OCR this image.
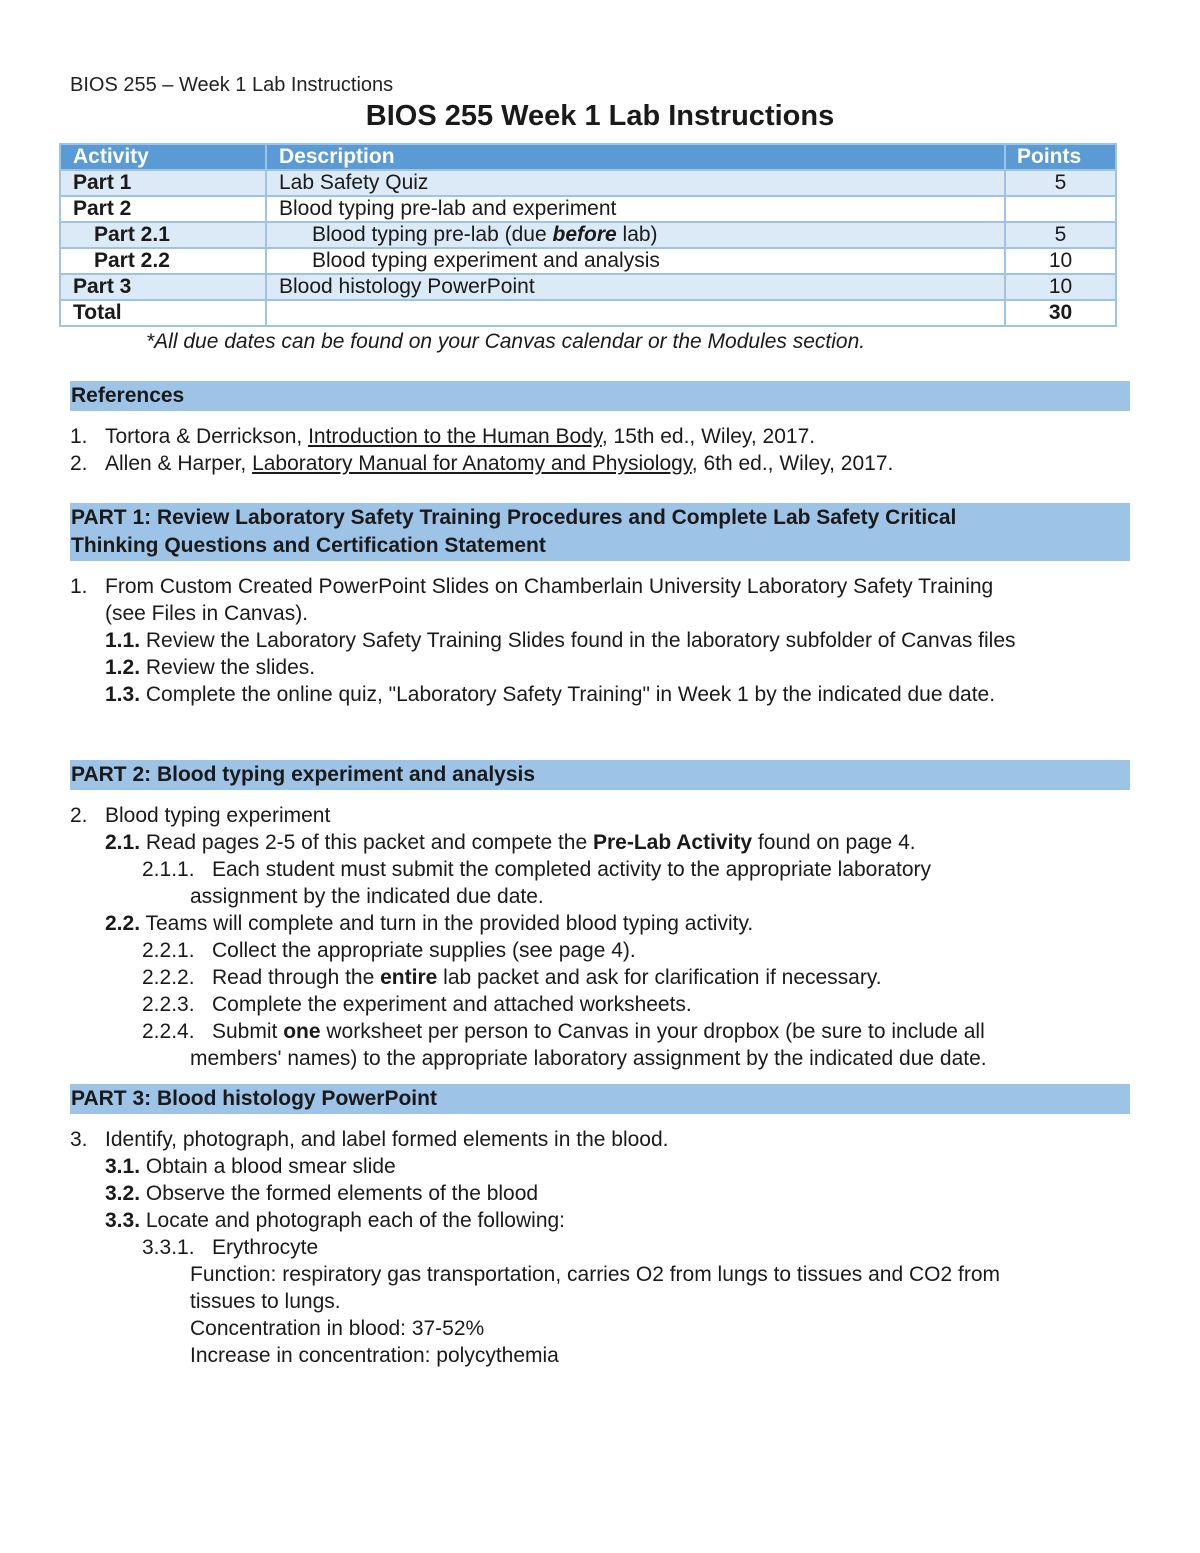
BIOS 255 – Week 1 Lab Instructions
BIOS 255 Week 1 Lab Instructions
Activity	Description	Points
Part 1	Lab Safety Quiz	5
Part 2	Blood typing pre-lab and experiment	
Part 2.1	Blood typing pre-lab (due before lab)	5
Part 2.2	Blood typing experiment and analysis	10
Part 3	Blood histology PowerPoint	10
Total		30
*All due dates can be found on your Canvas calendar or the Modules section.
References
1. Tortora & Derrickson, Introduction to the Human Body, 15th ed., Wiley, 2017.
2. Allen & Harper, Laboratory Manual for Anatomy and Physiology, 6th ed., Wiley, 2017.
PART 1: Review Laboratory Safety Training Procedures and Complete Lab Safety Critical
Thinking Questions and Certification Statement
1. From Custom Created PowerPoint Slides on Chamberlain University Laboratory Safety Training
(see Files in Canvas).
1.1. Review the Laboratory Safety Training Slides found in the laboratory subfolder of Canvas files
1.2. Review the slides.
1.3. Complete the online quiz, "Laboratory Safety Training" in Week 1 by the indicated due date.
PART 2: Blood typing experiment and analysis
2. Blood typing experiment
2.1. Read pages 2-5 of this packet and compete the Pre-Lab Activity found on page 4.
2.1.1. Each student must submit the completed activity to the appropriate laboratory
assignment by the indicated due date.
2.2. Teams will complete and turn in the provided blood typing activity.
2.2.1. Collect the appropriate supplies (see page 4).
2.2.2. Read through the entire lab packet and ask for clarification if necessary.
2.2.3. Complete the experiment and attached worksheets.
2.2.4. Submit one worksheet per person to Canvas in your dropbox (be sure to include all
members' names) to the appropriate laboratory assignment by the indicated due date.
PART 3: Blood histology PowerPoint
3. Identify, photograph, and label formed elements in the blood.
3.1. Obtain a blood smear slide
3.2. Observe the formed elements of the blood
3.3. Locate and photograph each of the following:
3.3.1. Erythrocyte
Function: respiratory gas transportation, carries O2 from lungs to tissues and CO2 from
tissues to lungs.
Concentration in blood: 37-52%
Increase in concentration: polycythemia
